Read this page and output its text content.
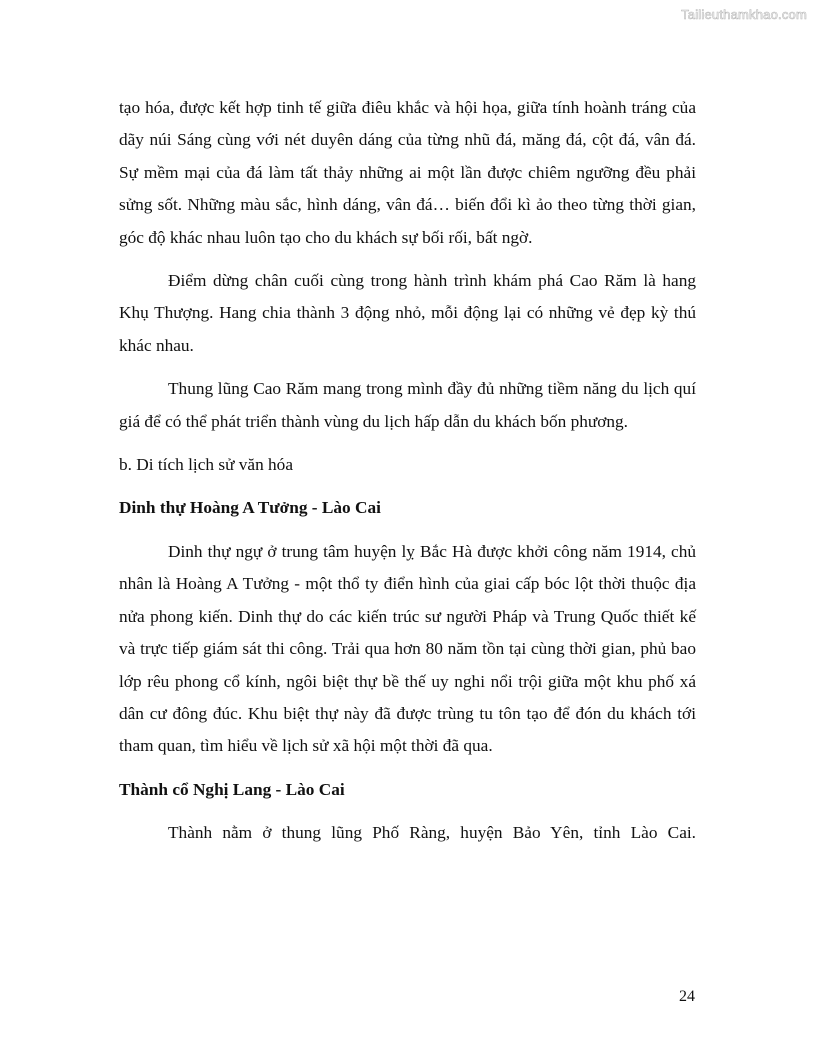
Tailieuthamkhao.com

tạo hóa, được kết hợp tinh tế giữa điêu khắc và hội họa, giữa tính hoành tráng của dãy núi Sáng cùng với nét duyên dáng của từng nhũ đá, măng đá, cột đá, vân đá. Sự mềm mại của đá làm tất thảy những ai một lần được chiêm ngưỡng đều phải sửng sốt. Những màu sắc, hình dáng, vân đá… biến đổi kì ảo theo từng thời gian, góc độ khác nhau luôn tạo cho du khách sự bối rối, bất ngờ.

Điểm dừng chân cuối cùng trong hành trình khám phá Cao Răm là hang Khụ Thượng. Hang chia thành 3 động nhỏ, mỗi động lại có những vẻ đẹp kỳ thú khác nhau.

Thung lũng Cao Răm mang trong mình đầy đủ những tiềm năng du lịch quí giá để có thể phát triển thành vùng du lịch hấp dẫn du khách bốn phương.

b. Di tích lịch sử văn hóa

Dinh thự Hoàng A Tưởng - Lào Cai

Dinh thự ngự ở trung tâm huyện lỵ Bắc Hà được khởi công năm 1914, chủ nhân là Hoàng A Tưởng - một thổ ty điển hình của giai cấp bóc lột thời thuộc địa nửa phong kiến. Dinh thự do các kiến trúc sư người Pháp và Trung Quốc thiết kế và trực tiếp giám sát thi công. Trải qua hơn 80 năm tồn tại cùng thời gian, phủ bao lớp rêu phong cổ kính, ngôi biệt thự bề thế uy nghi nổi trội giữa một khu phố xá dân cư đông đúc. Khu biệt thự này đã được trùng tu tôn tạo để đón du khách tới tham quan, tìm hiểu về lịch sử xã hội một thời đã qua.

Thành cổ Nghị Lang - Lào Cai

Thành nằm ở thung lũng Phố Ràng, huyện Bảo Yên, tỉnh Lào Cai.

24
